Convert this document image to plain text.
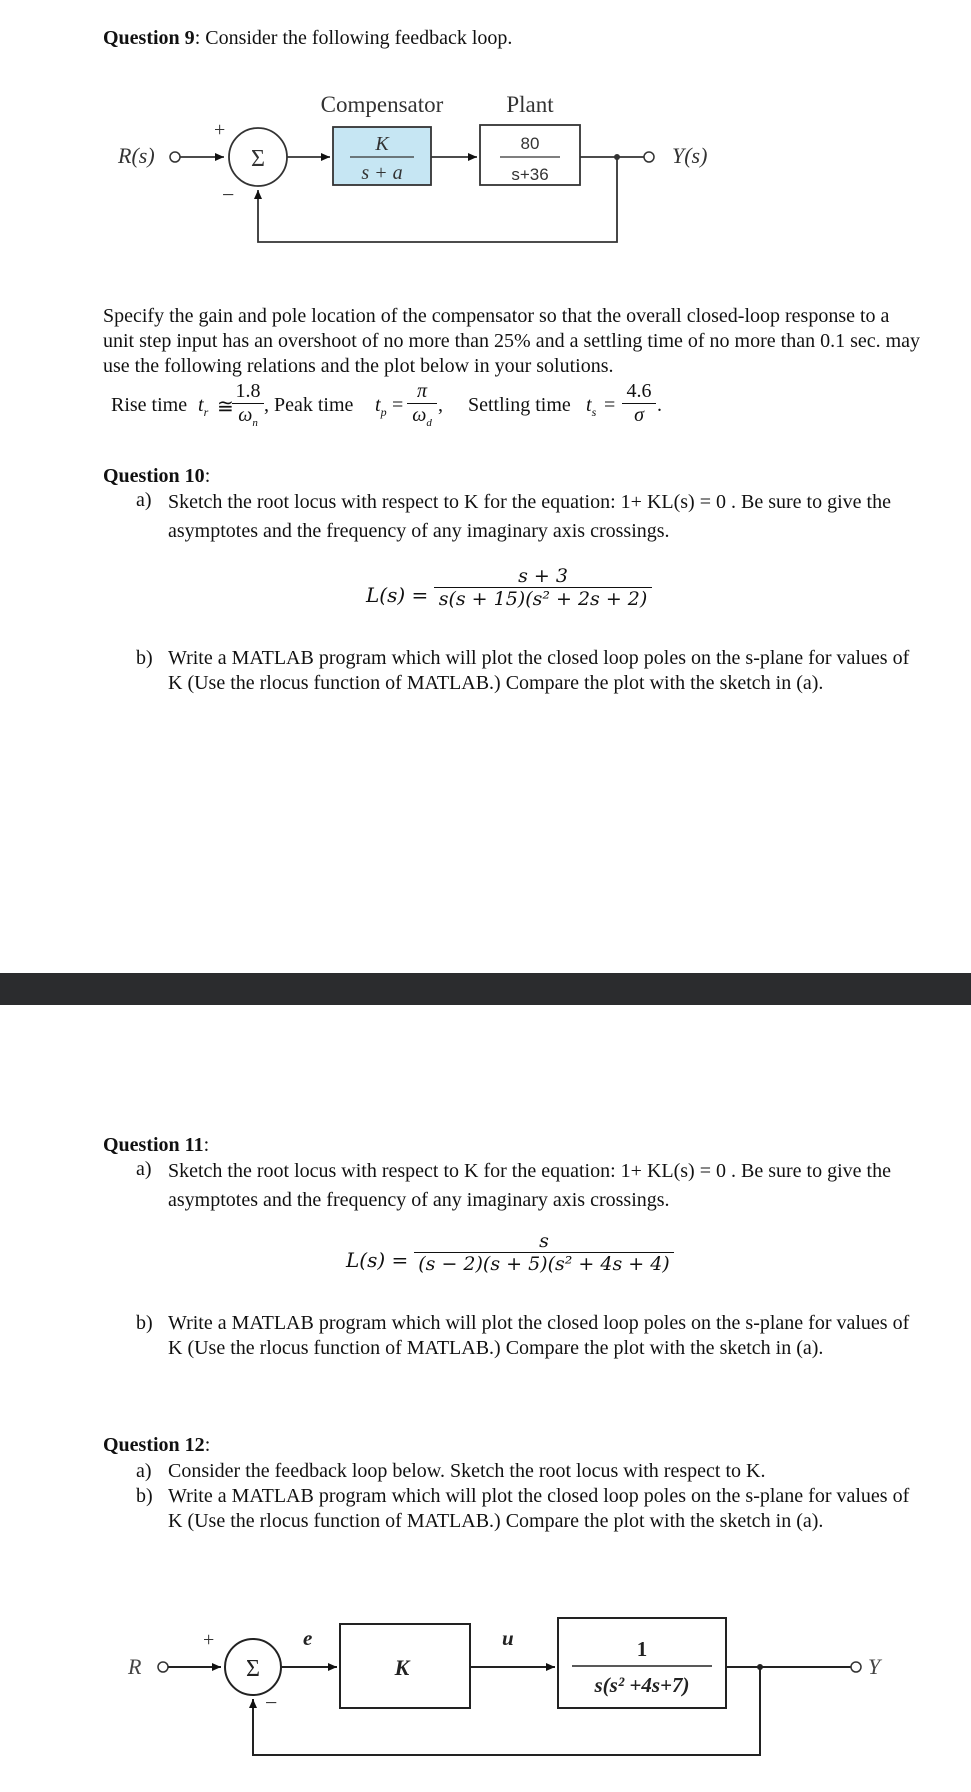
Question 9: Consider the following feedback loop.
Compensator	Plant
R(s)	Σ
+
−
K
s + a
80
s+36
Y(s)
Specify the gain and pole location of the compensator so that the overall closed-loop response to a unit step input has an overshoot of no more than 25% and a settling time of no more than 0.1 sec. may use the following relations and the plot below in your solutions.
Rise time $t_r$ ≅
1.8
$\omega_n$
, Peak time $t_p$ =
π
$\omega_d$
,     Settling time $t_s$ =
4.6
σ .
Question 10:
a) Sketch the root locus with respect to K for the equation: 1+ KL(s) = 0 . Be sure to give the asymptotes and the frequency of any imaginary axis crossings.
L(s) =
s + 3
s(s + 15)(s² + 2s + 2)
b) Write a MATLAB program which will plot the closed loop poles on the s-plane for values of K (Use the rlocus function of MATLAB.) Compare the plot with the sketch in (a).
Question 11:
a) Sketch the root locus with respect to K for the equation: 1+ KL(s) = 0 . Be sure to give the asymptotes and the frequency of any imaginary axis crossings.
L(s) =
s
(s − 2)(s + 5)(s² + 4s + 4)
b) Write a MATLAB program which will plot the closed loop poles on the s-plane for values of K (Use the rlocus function of MATLAB.) Compare the plot with the sketch in (a).
Question 12:
a) Consider the feedback loop below. Sketch the root locus with respect to K.
b) Write a MATLAB program which will plot the closed loop poles on the s-plane for values of K (Use the rlocus function of MATLAB.) Compare the plot with the sketch in (a).
R	Σ
+
−
e
K
u	1
s(s² +4s+7)
Y
